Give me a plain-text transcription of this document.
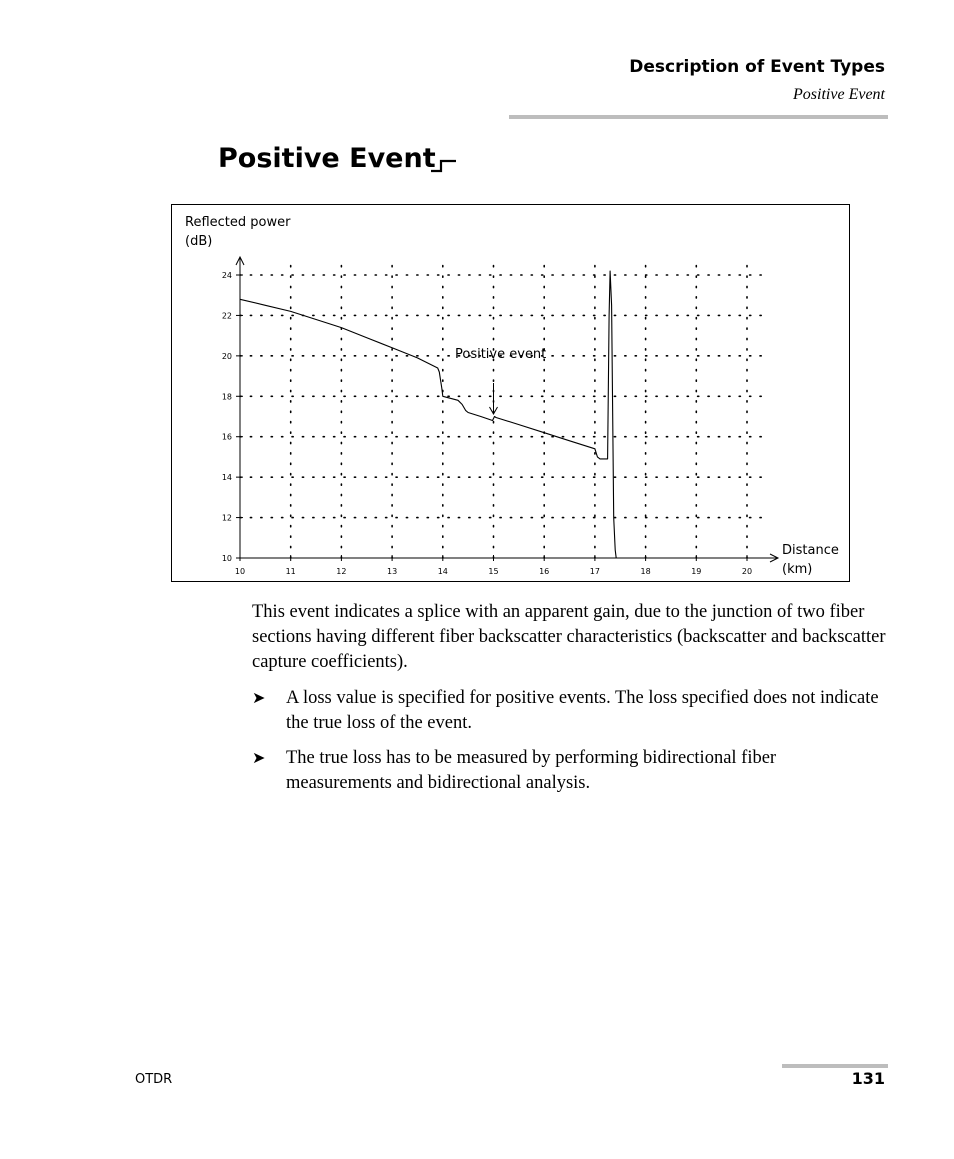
Description of Event Types
Positive Event
Positive Event
10
12
14
16
18
20
22
24
10	11	12	13	14	15	16	17	18	19	20
Reflected power
(dB)
Distance
(km)
Positive event
This event indicates a splice with an apparent gain, due to the junction of two fiber sections having different fiber backscatter characteristics (backscatter and backscatter capture coefficients).
➤ A loss value is specified for positive events. The loss specified does not indicate the true loss of the event.
➤ The true loss has to be measured by performing bidirectional fiber measurements and bidirectional analysis.
OTDR	131
